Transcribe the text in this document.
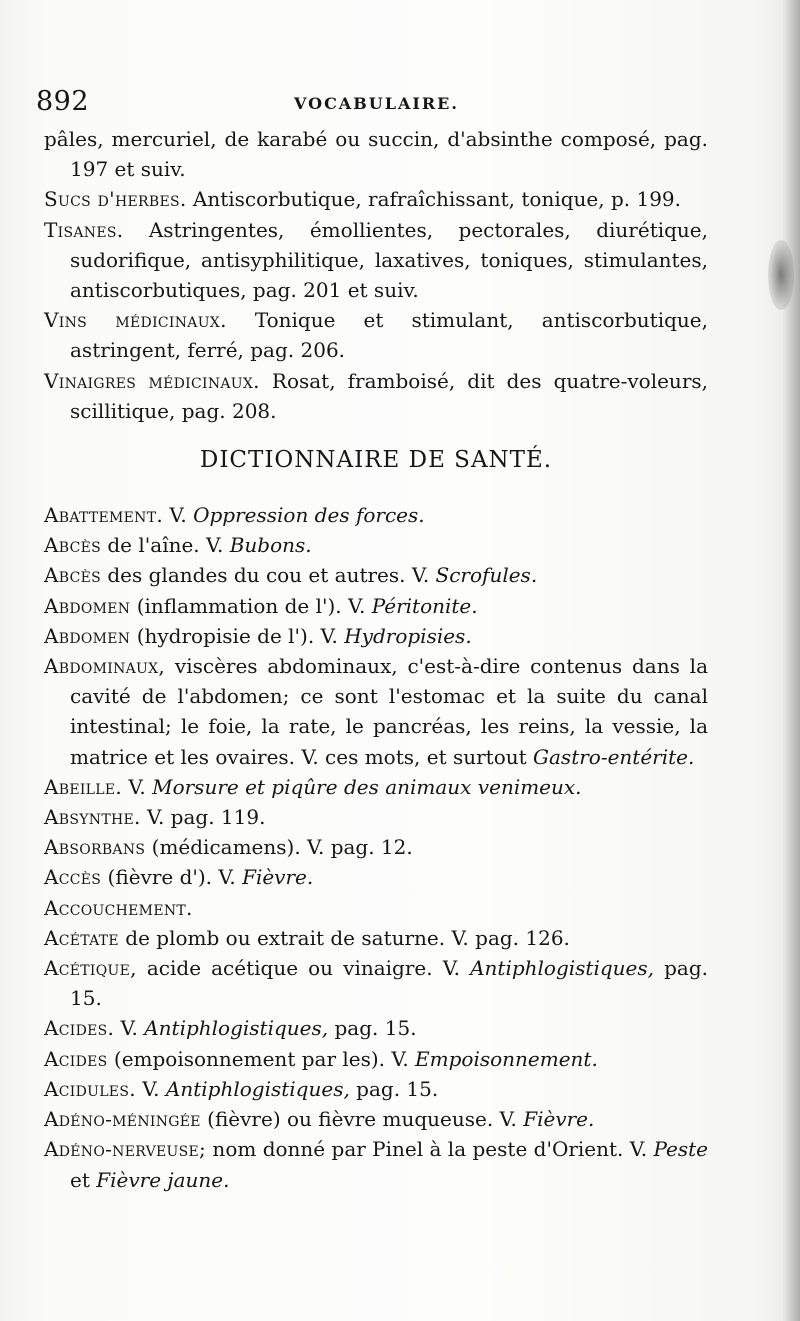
892	VOCABULAIRE.

pâles, mercuriel, de karabé ou succin, d'absinthe composé, pag. 197 et suiv.

Sucs d'herbes. Antiscorbutique, rafraîchissant, tonique, p. 199.

Tisanes. Astringentes, émollientes, pectorales, diurétique, sudorifique, antisyphilitique, laxatives, toniques, stimulantes, antiscorbutiques, pag. 201 et suiv.

Vins médicinaux. Tonique et stimulant, antiscorbutique, astringent, ferré, pag. 206.

Vinaigres médicinaux. Rosat, framboisé, dit des quatre-voleurs, scillitique, pag. 208.

DICTIONNAIRE DE SANTÉ.

Abattement. V. Oppression des forces.

Abcès de l'aîne. V. Bubons.

Abcès des glandes du cou et autres. V. Scrofules.

Abdomen (inflammation de l'). V. Péritonite.

Abdomen (hydropisie de l'). V. Hydropisies.

Abdominaux, viscères abdominaux, c'est-à-dire contenus dans la cavité de l'abdomen; ce sont l'estomac et la suite du canal intestinal; le foie, la rate, le pancréas, les reins, la vessie, la matrice et les ovaires. V. ces mots, et surtout Gastro-entérite.

Abeille. V. Morsure et piqûre des animaux venimeux.

Absynthe. V. pag. 119.

Absorbans (médicamens). V. pag. 12.

Accès (fièvre d'). V. Fièvre.

Accouchement.

Acétate de plomb ou extrait de saturne. V. pag. 126.

Acétique, acide acétique ou vinaigre. V. Antiphlogistiques, pag. 15.

Acides. V. Antiphlogistiques, pag. 15.

Acides (empoisonnement par les). V. Empoisonnement.

Acidules. V. Antiphlogistiques, pag. 15.

Adéno-méningée (fièvre) ou fièvre muqueuse. V. Fièvre.

Adéno-nerveuse; nom donné par Pinel à la peste d'Orient. V. Peste et Fièvre jaune.
